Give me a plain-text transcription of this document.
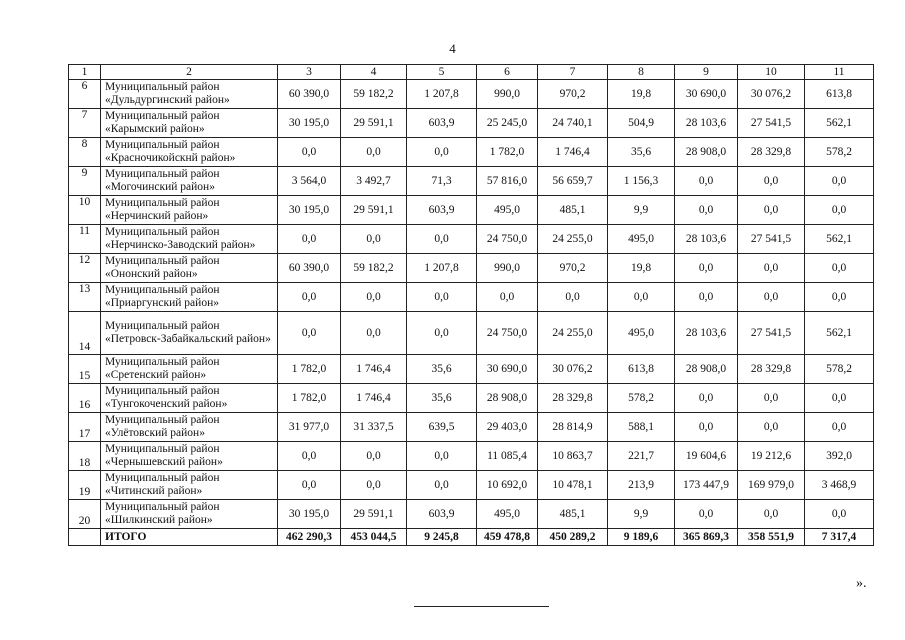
4
1	2	3	4	5	6	7	8	9	10	11
6	Муниципальный район «Дульдургинский район»	60 390,0	59 182,2	1 207,8	990,0	970,2	19,8	30 690,0	30 076,2	613,8
7	Муниципальный район «Карымский район»	30 195,0	29 591,1	603,9	25 245,0	24 740,1	504,9	28 103,6	27 541,5	562,1
8	Муниципальный район «Красночикойскнй район»	0,0	0,0	0,0	1 782,0	1 746,4	35,6	28 908,0	28 329,8	578,2
9	Муниципальный район «Могочинский район»	3 564,0	3 492,7	71,3	57 816,0	56 659,7	1 156,3	0,0	0,0	0,0
10	Муниципальный район «Нерчинский район»	30 195,0	29 591,1	603,9	495,0	485,1	9,9	0,0	0,0	0,0
11	Муниципальный район «Нерчинско-Заводский район»	0,0	0,0	0,0	24 750,0	24 255,0	495,0	28 103,6	27 541,5	562,1
12	Муниципальный район «Ононский район»	60 390,0	59 182,2	1 207,8	990,0	970,2	19,8	0,0	0,0	0,0
13	Муниципальный район «Приаргунский район»	0,0	0,0	0,0	0,0	0,0	0,0	0,0	0,0	0,0
14	Муниципальный район «Петровск-Забайкальский район»	0,0	0,0	0,0	24 750,0	24 255,0	495,0	28 103,6	27 541,5	562,1
15	Муниципальный район «Сретенский район»	1 782,0	1 746,4	35,6	30 690,0	30 076,2	613,8	28 908,0	28 329,8	578,2
16	Муниципальный район «Тунгокоченский район»	1 782,0	1 746,4	35,6	28 908,0	28 329,8	578,2	0,0	0,0	0,0
17	Муниципальный район «Улётовский район»	31 977,0	31 337,5	639,5	29 403,0	28 814,9	588,1	0,0	0,0	0,0
18	Муниципальный район «Чернышевский район»	0,0	0,0	0,0	11 085,4	10 863,7	221,7	19 604,6	19 212,6	392,0
19	Муниципальный район «Читинский район»	0,0	0,0	0,0	10 692,0	10 478,1	213,9	173 447,9	169 979,0	3 468,9
20	Муниципальный район «Шилкинский район»	30 195,0	29 591,1	603,9	495,0	485,1	9,9	0,0	0,0	0,0
	ИТОГО	462 290,3	453 044,5	9 245,8	459 478,8	450 289,2	9 189,6	365 869,3	358 551,9	7 317,4
».
